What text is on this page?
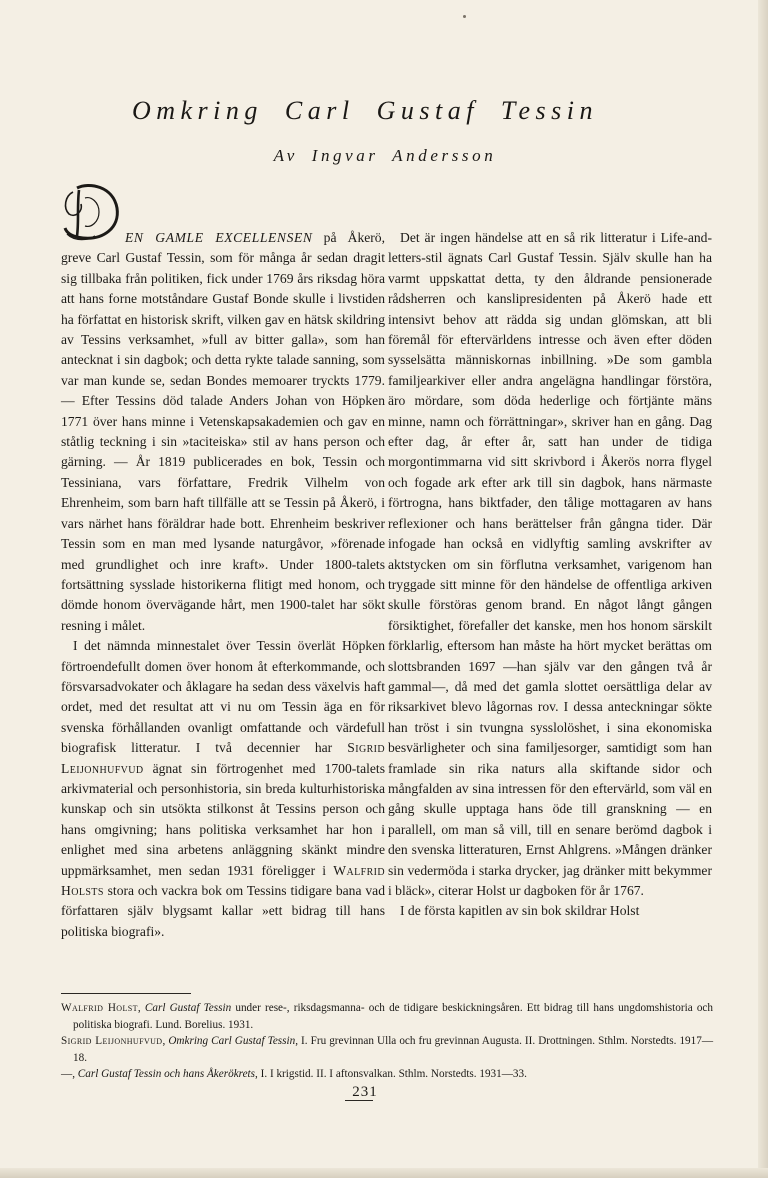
Omkring Carl Gustaf Tessin
Av Ingvar Andersson

EN GAMLE EXCELLENSEN på Åkerö, greve Carl Gustaf Tessin, som för många år sedan dragit sig tillbaka från politiken, fick under 1769 års riksdag höra att hans forne motståndare Gustaf Bonde skulle i livstiden ha författat en historisk skrift, vilken gav en hätsk skildring av Tessins verksamhet, »full av bitter galla», som han antecknat i sin dagbok; och detta rykte talade sanning, som var man kunde se, sedan Bondes memoarer tryckts 1779. — Efter Tessins död talade Anders Johan von Höpken 1771 över hans minne i Vetenskapsakademien och gav en ståtlig teckning i sin »taciteiska» stil av hans person och gärning. — År 1819 publicerades en bok, Tessin och Tessiniana, vars författare, Fredrik Vilhelm von Ehrenheim, som barn haft tillfälle att se Tessin på Åkerö, i vars närhet hans föräldrar hade bott. Ehrenheim beskriver Tessin som en man med lysande naturgåvor, »förenade med grundlighet och inre kraft». Under 1800-talets fortsättning sysslade historikerna flitigt med honom, och dömde honom övervägande hårt, men 1900-talet har sökt resning i målet.

I det nämnda minnestalet över Tessin överlät Höpken förtroendefullt domen över honom åt efterkommande, och försvarsadvokater och åklagare ha sedan dess växelvis haft ordet, med det resultat att vi nu om Tessin äga en för svenska förhållanden ovanligt omfattande och värdefull biografisk litteratur. I två decennier har Sigrid Leijonhufvud ägnat sin förtrogenhet med 1700-talets arkivmaterial och personhistoria, sin breda kulturhistoriska kunskap och sin utsökta stilkonst åt Tessins person och hans omgivning; hans politiska verksamhet har hon i enlighet med sina arbetens anläggning skänkt mindre uppmärksamhet, men sedan 1931 föreligger i Walfrid Holsts stora och vackra bok om Tessins tidigare bana vad författaren själv blygsamt kallar »ett bidrag till hans politiska biografi».

Det är ingen händelse att en så rik litteratur i Life-and-letters-stil ägnats Carl Gustaf Tessin. Själv skulle han ha varmt uppskattat detta, ty den åldrande pensionerade rådsherren och kanslipresidenten på Åkerö hade ett intensivt behov att rädda sig undan glömskan, att bli föremål för eftervärldens intresse och även efter döden sysselsätta människornas inbillning. »De som gambla familjearkiver eller andra angelägna handlingar förstöra, äro mördare, som döda hederlige och förtjänte mäns minne, namn och förrättningar», skriver han en gång. Dag efter dag, år efter år, satt han under de tidiga morgontimmarna vid sitt skrivbord i Åkerös norra flygel och fogade ark efter ark till sin dagbok, hans närmaste förtrogna, hans biktfader, den tålige mottagaren av hans reflexioner och hans berättelser från gångna tider. Där infogade han också en vidlyftig samling avskrifter av aktstycken om sin förflutna verksamhet, varigenom han tryggade sitt minne för den händelse de offentliga arkiven skulle förstöras genom brand. En något långt gången försiktighet, förefaller det kanske, men hos honom särskilt förklarlig, eftersom han måste ha hört mycket berättas om slottsbranden 1697 —han själv var den gången två år gammal—, då med det gamla slottet oersättliga delar av riksarkivet blevo lågornas rov. I dessa anteckningar sökte han tröst i sin tvungna sysslolöshet, i sina ekonomiska besvärligheter och sina familjesorger, samtidigt som han framlade sin rika naturs alla skiftande sidor och mångfalden av sina intressen för den eftervärld, som väl en gång skulle upptaga hans öde till granskning — en parallell, om man så vill, till en senare berömd dagbok i den svenska litteraturen, Ernst Ahlgrens. »Mången dränker sin vedermöda i starka drycker, jag dränker mitt bekymmer i bläck», citerar Holst ur dagboken för år 1767.

I de första kapitlen av sin bok skildrar Holst

Walfrid Holst, Carl Gustaf Tessin under rese-, riksdagsmanna- och de tidigare beskickningsåren. Ett bidrag till hans ungdomshistoria och politiska biografi. Lund. Borelius. 1931.

Sigrid Leijonhufvud, Omkring Carl Gustaf Tessin, I. Fru grevinnan Ulla och fru grevinnan Augusta. II. Drottningen. Sthlm. Norstedts. 1917—18.

—, Carl Gustaf Tessin och hans Åkerökrets, I. I krigstid. II. I aftonsvalkan. Sthlm. Norstedts. 1931—33.

231
